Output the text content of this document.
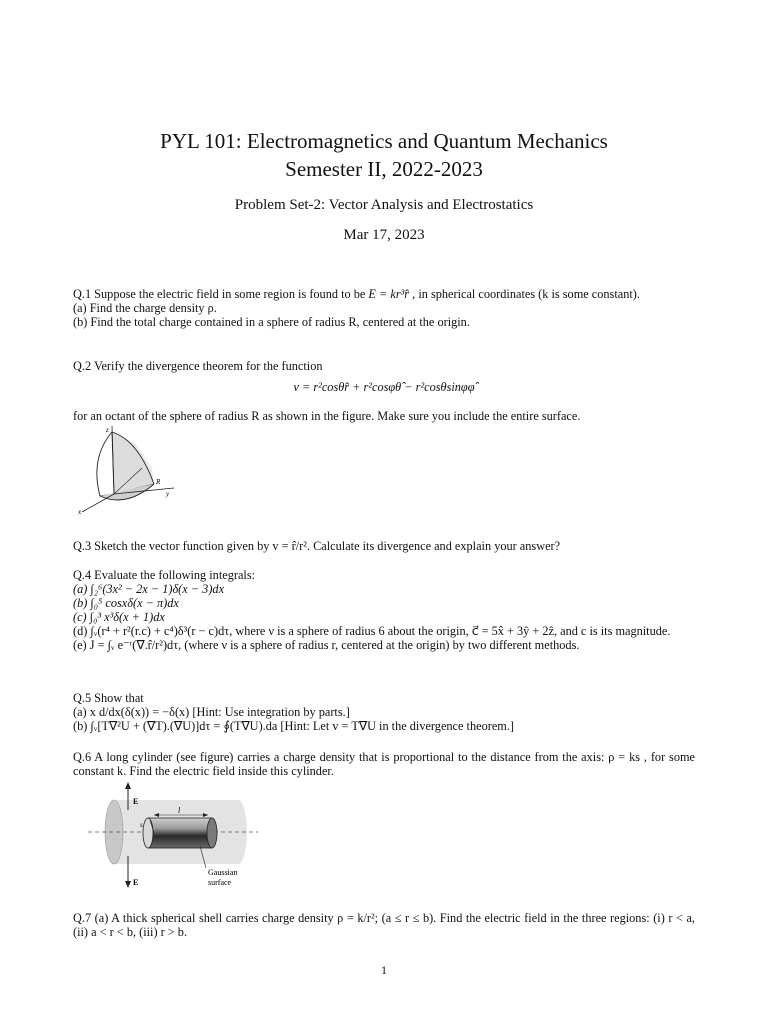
PYL 101: Electromagnetics and Quantum Mechanics
Semester II, 2022-2023
Problem Set-2: Vector Analysis and Electrostatics
Mar 17, 2023

Q.1 Suppose the electric field in some region is found to be E = kr³r̂ , in spherical coordinates (k is some constant).

(a) Find the charge density ρ.

(b) Find the total charge contained in a sphere of radius R, centered at the origin.

Q.2 Verify the divergence theorem for the function

v = r²cosθr̂ + r²cosφθ̂ − r²cosθsinφφ̂

for an octant of the sphere of radius R as shown in the figure. Make sure you include the entire surface.

z
x
y
R

Q.3 Sketch the vector function given by v = r̂/r². Calculate its divergence and explain your answer?

Q.4 Evaluate the following integrals:

(a) ∫₂⁶(3x² − 2x − 1)δ(x − 3)dx

(b) ∫₀⁵ cosxδ(x − π)dx

(c) ∫₀³ x³δ(x + 1)dx

(d) ∫ᵥ(r⁴ + r²(r.c) + c⁴)δ³(r − c)dτ, where ν is a sphere of radius 6 about the origin, c⃗ = 5x̂ + 3ŷ + 2ẑ, and c is its magnitude.

(e) J = ∫ᵥ e⁻ʳ(∇.r̂/r²)dτ, (where ν is a sphere of radius r, centered at the origin) by two different methods.

Q.5 Show that

(a) x d/dx(δ(x)) = −δ(x) [Hint: Use integration by parts.]

(b) ∫ᵥ[T∇²U + (∇T).(∇U)]dτ = ∮(T∇U).da [Hint: Let v = T∇U in the divergence theorem.]

Q.6 A long cylinder (see figure) carries a charge density that is proportional to the distance from the axis: ρ = ks , for some constant k. Find the electric field inside this cylinder.

E
E
l
s
Gaussian
surface

Q.7 (a) A thick spherical shell carries charge density ρ = k/r²; (a ≤ r ≤ b). Find the electric field in the three regions: (i) r < a, (ii) a < r < b, (iii) r > b.

1
